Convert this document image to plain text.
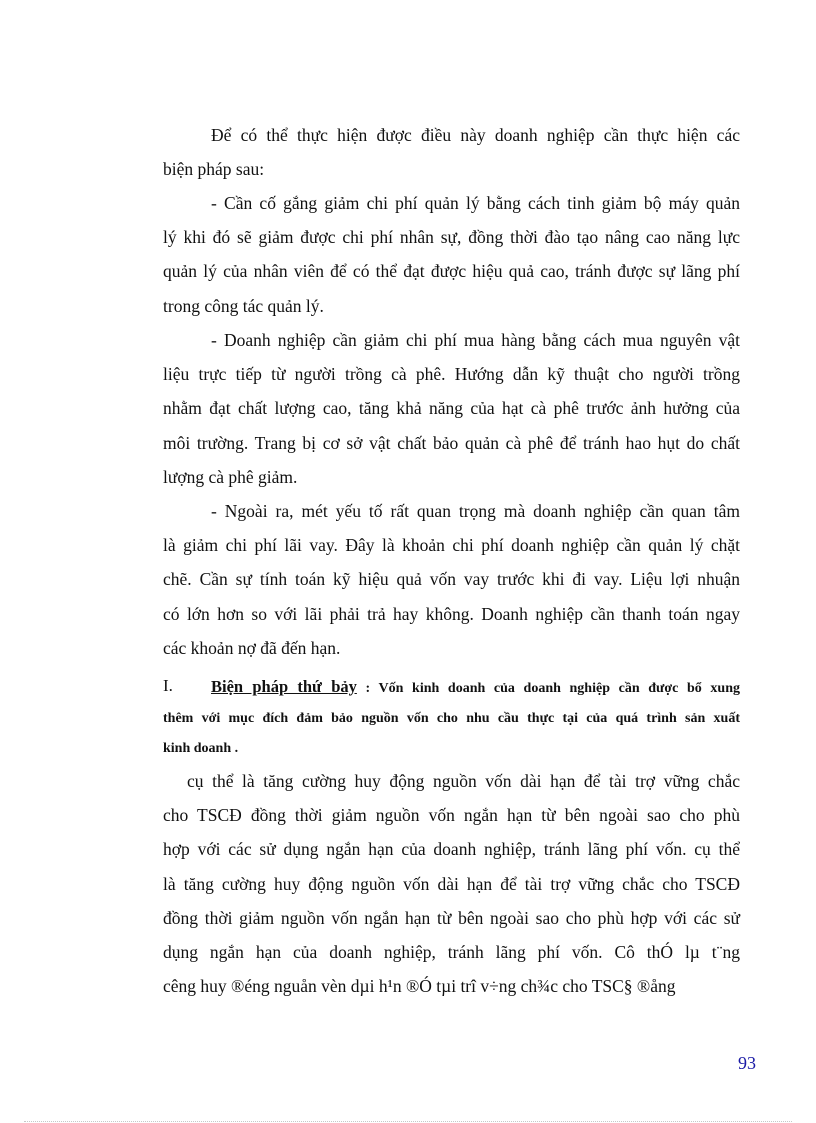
Để có thể thực hiện được điều này doanh nghiệp cần thực hiện các
biện pháp sau:
- Cần cố gắng giảm chi phí quản lý bằng cách tinh giảm bộ máy quản
lý khi đó sẽ giảm được chi phí nhân sự, đồng thời đào tạo nâng cao năng lực
quản lý của nhân viên để có thể đạt được hiệu quả cao, tránh được sự lãng phí
trong công tác quản lý.
- Doanh nghiệp cần giảm chi phí mua hàng bằng cách mua nguyên vật
liệu trực tiếp từ người trồng cà phê. Hướng dẫn kỹ thuật cho người trồng
nhằm đạt chất lượng cao, tăng khả năng của hạt cà phê trước ảnh hưởng của
môi trường. Trang bị cơ sở vật chất bảo quản cà phê để tránh hao hụt do chất
lượng cà phê giảm.
- Ngoài ra, mét yếu tố rất quan trọng mà doanh nghiệp cần quan tâm
là giảm chi phí lãi vay. Đây là khoản chi phí doanh nghiệp cần quản lý chặt
chẽ. Cần sự tính toán kỹ hiệu quả vốn vay trước khi đi vay. Liệu lợi nhuận
có lớn hơn so với lãi phải trả hay không. Doanh nghiệp cần thanh toán ngay
các khoản nợ đã đến hạn.
I.	Biện pháp thứ bảy : Vốn kinh doanh của doanh nghiệp cần được bổ xung
thêm với mục đích đảm bảo nguồn vốn cho nhu cầu thực tại của quá trình sản xuất
kinh doanh .
cụ thể là tăng cường huy động nguồn vốn dài hạn để tài trợ vững chắc
cho TSCĐ đồng thời giảm nguồn vốn ngắn hạn từ bên ngoài sao cho phù
hợp với các sử dụng ngắn hạn của doanh nghiệp, tránh lãng phí vốn. cụ thể
là tăng cường huy động nguồn vốn dài hạn để tài trợ vững chắc cho TSCĐ
đồng thời giảm nguồn vốn ngắn hạn từ bên ngoài sao cho phù hợp với các sử
dụng ngắn hạn của doanh nghiệp, tránh lãng phí vốn. Cô thÓ lµ t¨ng
cêng huy ®éng nguån vèn dµi h¹n ®Ó tµi trî v÷ng ch¾c cho TSC§ ®ång
93
